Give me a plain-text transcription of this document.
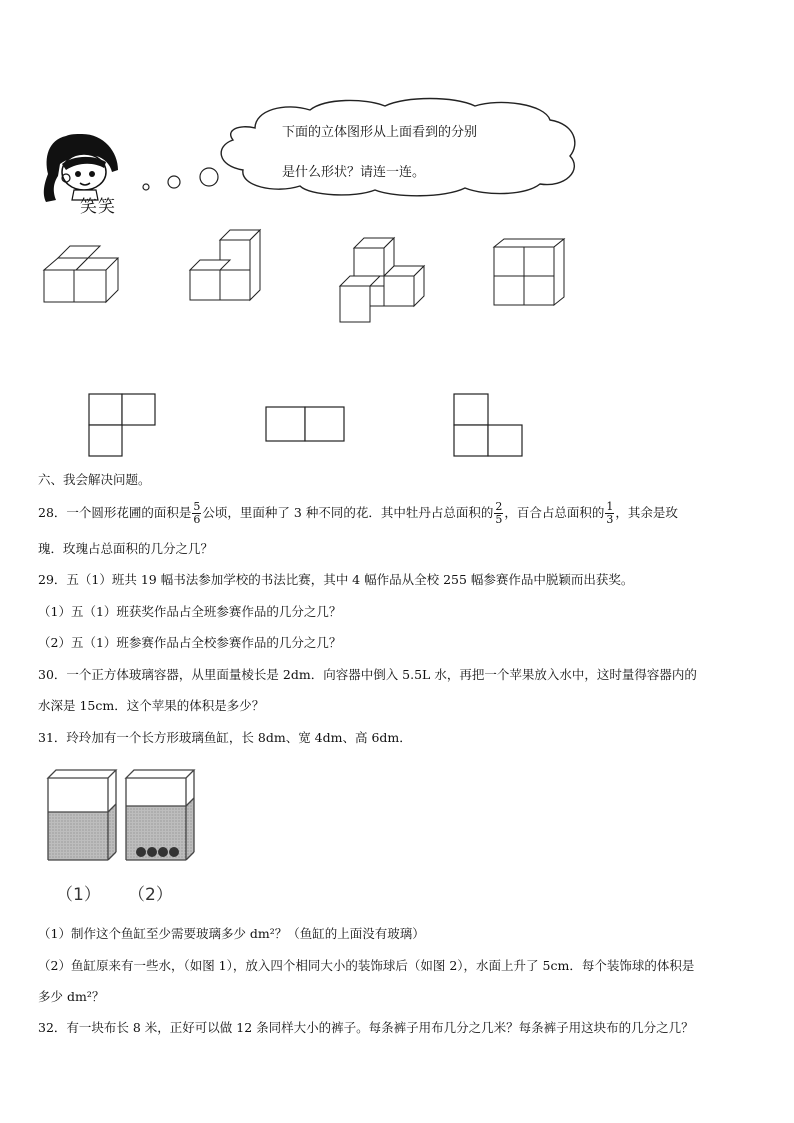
笑笑
下面的立体图形从上面看到的分别
是什么形状？请连一连。
六、我会解决问题。
28．一个圆形花圃的面积是 $\frac{5}{6}$ 公顷，里面种了 3 种不同的花．其中牡丹占总面积的 $\frac{2}{5}$ ，百合占总面积的 $\frac{1}{3}$ ，其余是玫
瑰．玫瑰占总面积的几分之几？
29．五（1）班共 19 幅书法参加学校的书法比赛，其中 4 幅作品从全校 255 幅参赛作品中脱颖而出获奖。
（1）五（1）班获奖作品占全班参赛作品的几分之几？
（2）五（1）班参赛作品占全校参赛作品的几分之几？
30．一个正方体玻璃容器，从里面量棱长是 2dm．向容器中倒入 5.5L 水，再把一个苹果放入水中，这时量得容器内的
水深是 15cm．这个苹果的体积是多少？
31．玲玲加有一个长方形玻璃鱼缸，长 8dm、宽 4dm、高 6dm．
（1） （2）
（1）制作这个鱼缸至少需要玻璃多少 dm²？（鱼缸的上面没有玻璃）
（2）鱼缸原来有一些水，（如图 1），放入四个相同大小的装饰球后（如图 2），水面上升了 5cm．每个装饰球的体积是
多少 dm²？
32．有一块布长 8 米，正好可以做 12 条同样大小的裤子。每条裤子用布几分之几米？每条裤子用这块布的几分之几？
